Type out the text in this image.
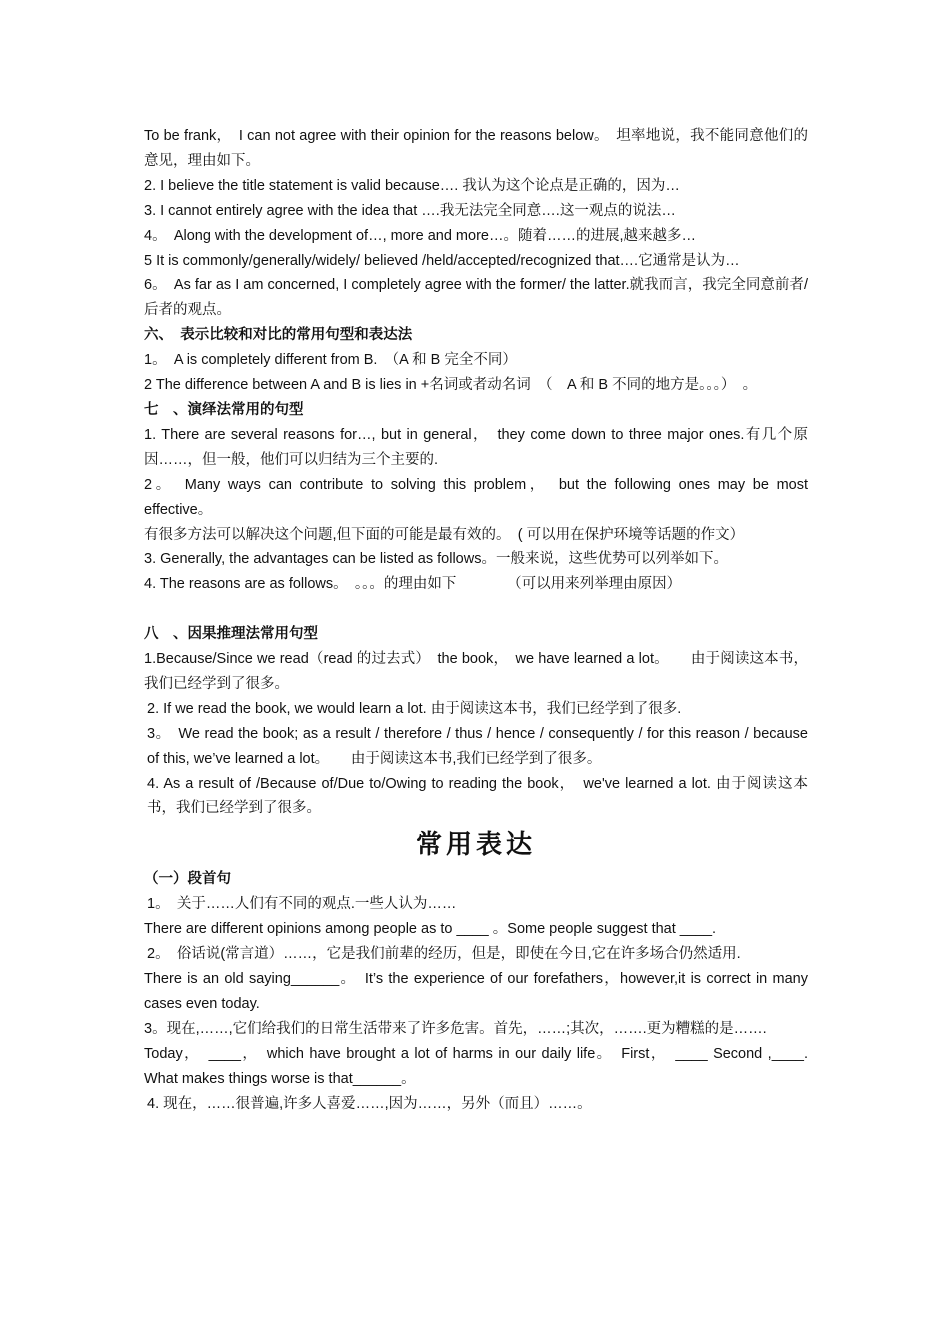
To be frank，　I can not agree with their opinion for the reasons below。　坦率地说，我不能同意他们的意见，理由如下。

2. I believe the title statement is valid because…. 我认为这个论点是正确的，因为…

3. I cannot entirely agree with the idea that ….我无法完全同意….这一观点的说法…

4。　Along with the development of…, more and more…。随着……的进展,越来越多…

5 It is commonly/generally/widely/ believed /held/accepted/recognized that….它通常是认为…

6。　As far as I am concerned, I completely agree with the former/ the latter.就我而言，我完全同意前者/后者的观点。

六、　表示比较和对比的常用句型和表达法

1。　A is completely different from B.　（A 和 B 完全不同）

2 The difference between A and B is lies in +名词或者动名词　（　A 和 B 不同的地方是。。。）　。

七　、演绎法常用的句型

1. There are several reasons for…, but in general，　they come down to three major ones.有几个原因……，但一般，他们可以归结为三个主要的.

2。　Many ways can contribute to solving this problem，　but the following ones may be most effective。

有很多方法可以解决这个问题,但下面的可能是最有效的。　( 可以用在保护环境等话题的作文）

3. Generally, the advantages can be listed as follows。一般来说，这些优势可以列举如下。

4. The reasons are as follows。　。。。的理由如下　　　　（可以用来列举理由原因）

八　、因果推理法常用句型

1.Because/Since we read（read 的过去式）　the book，　we have learned a lot。　　由于阅读这本书，我们已经学到了很多。

2. If we read the book, we would learn a lot. 由于阅读这本书，我们已经学到了很多.

3。　We read the book; as a result / therefore / thus / hence / consequently / for this reason / because of this, we’ve learned a lot。　　由于阅读这本书,我们已经学到了很多。

4. As a result of /Because of/Due to/Owing to reading the book，　we've learned a lot. 由于阅读这本书，我们已经学到了很多。

常用表达

（一）段首句

1。　关于……人们有不同的观点.一些人认为……

There are different opinions among people as to ____ 。Some people suggest that ____.

2。　俗话说(常言道）……，它是我们前辈的经历，但是，即使在今日,它在许多场合仍然适用.

There is an old saying______。　It’s the experience of our forefathers，however,it is correct in many cases even today.

3。现在,……,它们给我们的日常生活带来了许多危害。首先，……;其次，…….更为糟糕的是…….

Today，　____，　which have brought a lot of harms in our daily life。　First，　____ Second ,____. What makes things worse is that______。

4. 现在，……很普遍,许多人喜爱……,因为……，另外（而且）……。
